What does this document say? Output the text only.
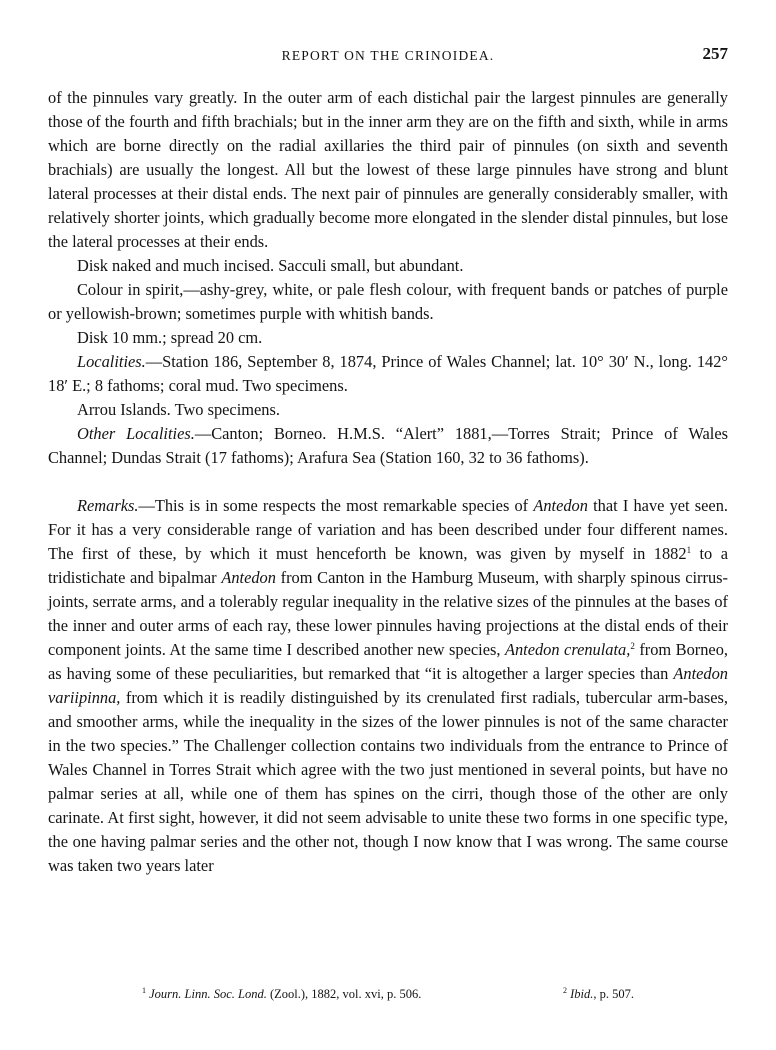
REPORT ON THE CRINOIDEA.	257

of the pinnules vary greatly. In the outer arm of each distichal pair the largest pinnules are generally those of the fourth and fifth brachials; but in the inner arm they are on the fifth and sixth, while in arms which are borne directly on the radial axillaries the third pair of pinnules (on sixth and seventh brachials) are usually the longest. All but the lowest of these large pinnules have strong and blunt lateral processes at their distal ends. The next pair of pinnules are generally considerably smaller, with relatively shorter joints, which gradually become more elongated in the slender distal pinnules, but lose the lateral processes at their ends.

Disk naked and much incised. Sacculi small, but abundant.

Colour in spirit,—ashy-grey, white, or pale flesh colour, with frequent bands or patches of purple or yellowish-brown; sometimes purple with whitish bands.

Disk 10 mm.; spread 20 cm.

Localities.—Station 186, September 8, 1874, Prince of Wales Channel; lat. 10° 30′ N., long. 142° 18′ E.; 8 fathoms; coral mud. Two specimens.

Arrou Islands. Two specimens.

Other Localities.—Canton; Borneo. H.M.S. “Alert” 1881,—Torres Strait; Prince of Wales Channel; Dundas Strait (17 fathoms); Arafura Sea (Station 160, 32 to 36 fathoms).

Remarks.—This is in some respects the most remarkable species of Antedon that I have yet seen. For it has a very considerable range of variation and has been described under four different names. The first of these, by which it must henceforth be known, was given by myself in 1882$^1$ to a tridistichate and bipalmar Antedon from Canton in the Hamburg Museum, with sharply spinous cirrus-joints, serrate arms, and a tolerably regular inequality in the relative sizes of the pinnules at the bases of the inner and outer arms of each ray, these lower pinnules having projections at the distal ends of their component joints. At the same time I described another new species, Antedon crenulata,$^2$ from Borneo, as having some of these peculiarities, but remarked that “it is altogether a larger species than Antedon variipinna, from which it is readily distinguished by its crenulated first radials, tubercular arm-bases, and smoother arms, while the inequality in the sizes of the lower pinnules is not of the same character in the two species.” The Challenger collection contains two individuals from the entrance to Prince of Wales Channel in Torres Strait which agree with the two just mentioned in several points, but have no palmar series at all, while one of them has spines on the cirri, though those of the other are only carinate. At first sight, however, it did not seem advisable to unite these two forms in one specific type, the one having palmar series and the other not, though I now know that I was wrong. The same course was taken two years later

$^1$ Journ. Linn. Soc. Lond. (Zool.), 1882, vol. xvi, p. 506.	$^2$ Ibid., p. 507.
